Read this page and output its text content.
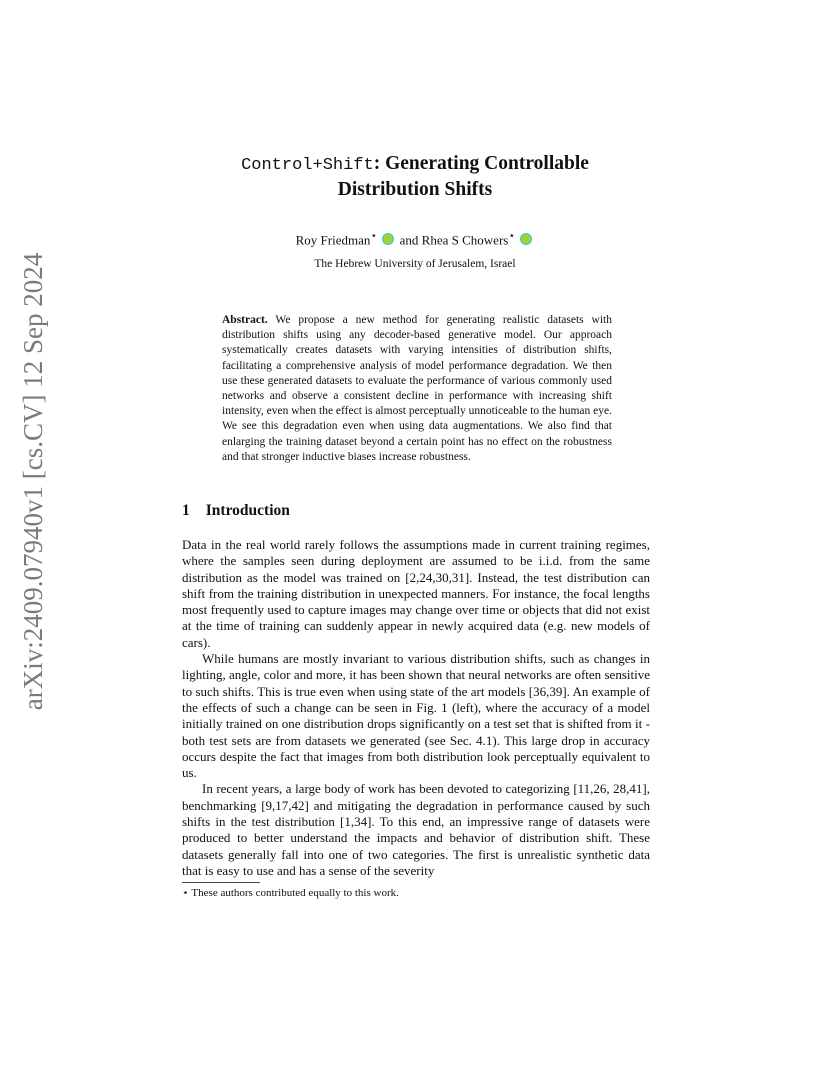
arXiv:2409.07940v1 [cs.CV] 12 Sep 2024
Control+Shift: Generating Controllable
Distribution Shifts
Roy Friedman⋆  and Rhea S Chowers⋆
The Hebrew University of Jerusalem, Israel
Abstract. We propose a new method for generating realistic datasets with distribution shifts using any decoder-based generative model. Our approach systematically creates datasets with varying intensities of distribution shifts, facilitating a comprehensive analysis of model performance degradation. We then use these generated datasets to evaluate the performance of various commonly used networks and observe a consistent decline in performance with increasing shift intensity, even when the effect is almost perceptually unnoticeable to the human eye. We see this degradation even when using data augmentations. We also find that enlarging the training dataset beyond a certain point has no effect on the robustness and that stronger inductive biases increase robustness.
1 Introduction

Data in the real world rarely follows the assumptions made in current training regimes, where the samples seen during deployment are assumed to be i.i.d. from the same distribution as the model was trained on [2,24,30,31]. Instead, the test distribution can shift from the training distribution in unexpected manners. For instance, the focal lengths most frequently used to capture images may change over time or objects that did not exist at the time of training can suddenly appear in newly acquired data (e.g. new models of cars).

While humans are mostly invariant to various distribution shifts, such as changes in lighting, angle, color and more, it has been shown that neural networks are often sensitive to such shifts. This is true even when using state of the art models [36,39]. An example of the effects of such a change can be seen in Fig. 1 (left), where the accuracy of a model initially trained on one distribution drops significantly on a test set that is shifted from it - both test sets are from datasets we generated (see Sec. 4.1). This large drop in accuracy occurs despite the fact that images from both distribution look perceptually equivalent to us.

In recent years, a large body of work has been devoted to categorizing [11,26, 28,41], benchmarking [9,17,42] and mitigating the degradation in performance caused by such shifts in the test distribution [1,34]. To this end, an impressive range of datasets were produced to better understand the impacts and behavior of distribution shift. These datasets generally fall into one of two categories. The first is unrealistic synthetic data that is easy to use and has a sense of the severity

⋆ These authors contributed equally to this work.
